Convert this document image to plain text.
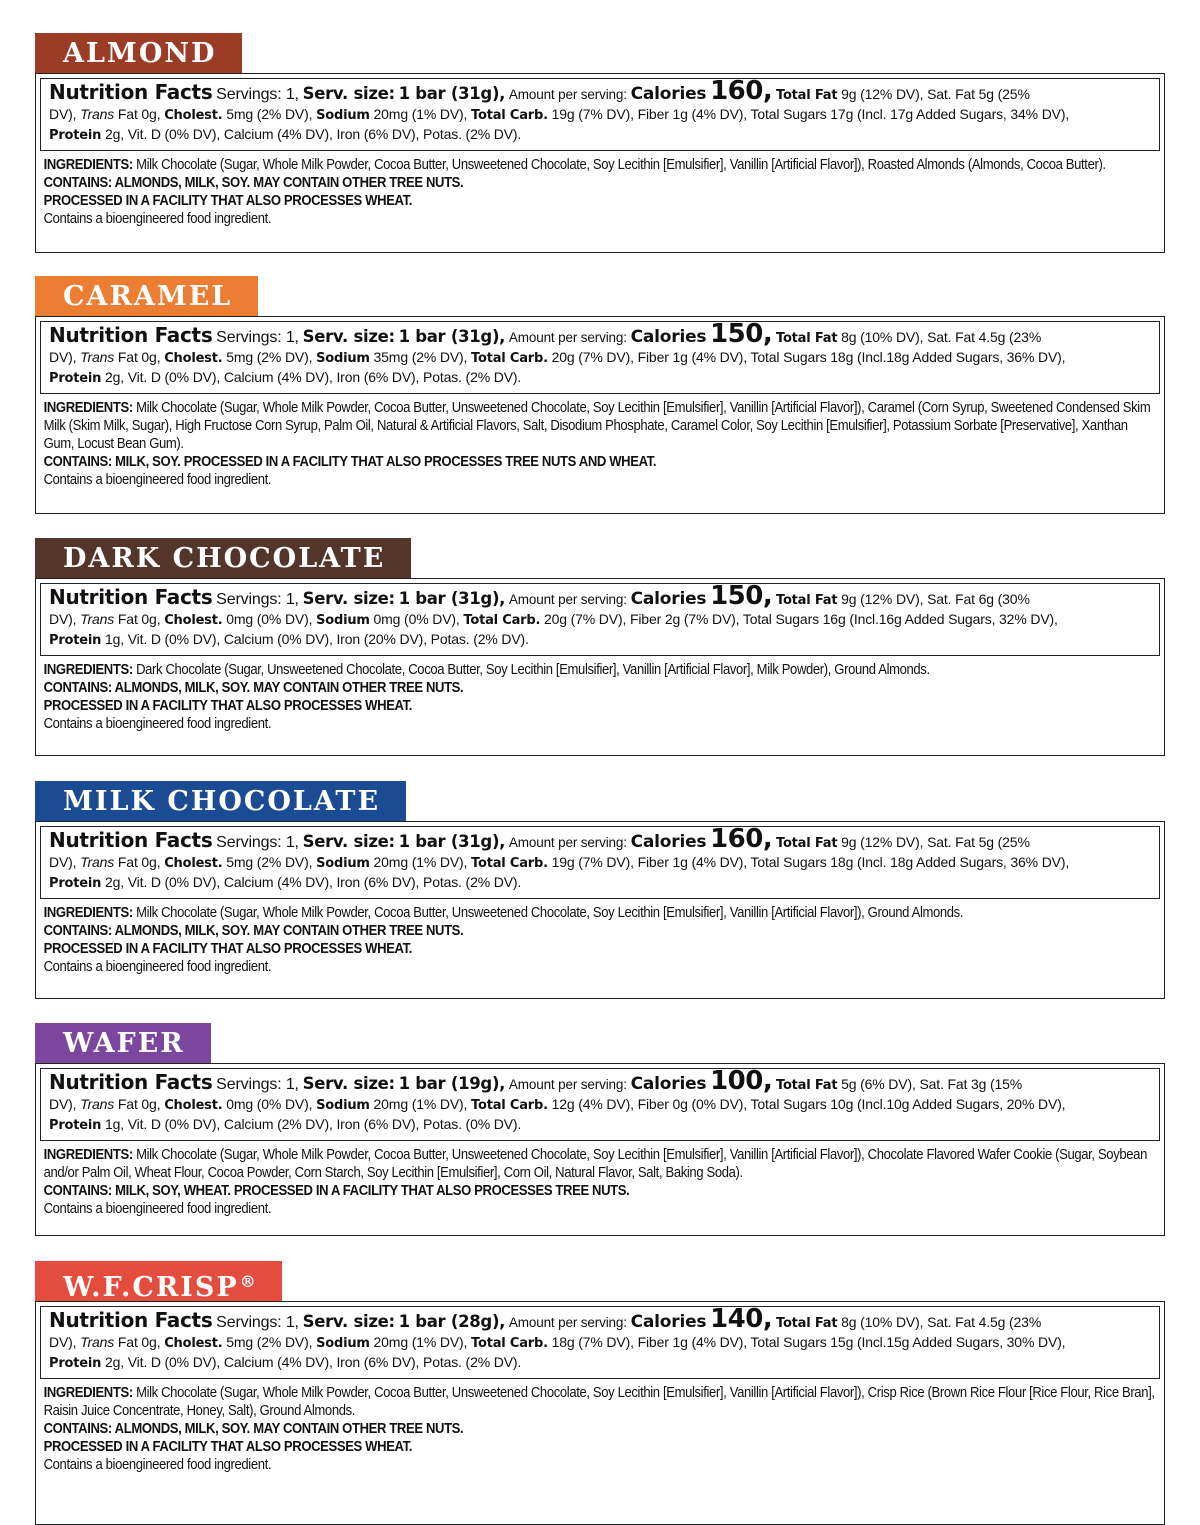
ALMOND
Nutrition Facts Servings: 1, Serv. size: 1 bar (31g), Amount per serving: Calories 160, Total Fat 9g (12% DV), Sat. Fat 5g (25%
DV), Trans Fat 0g, Cholest. 5mg (2% DV), Sodium 20mg (1% DV), Total Carb. 19g (7% DV), Fiber 1g (4% DV), Total Sugars 17g (Incl. 17g Added Sugars, 34% DV),
Protein 2g, Vit. D (0% DV), Calcium (4% DV), Iron (6% DV), Potas. (2% DV).
INGREDIENTS: Milk Chocolate (Sugar, Whole Milk Powder, Cocoa Butter, Unsweetened Chocolate, Soy Lecithin [Emulsifier], Vanillin [Artificial Flavor]), Roasted Almonds (Almonds, Cocoa Butter).
CONTAINS: ALMONDS, MILK, SOY. MAY CONTAIN OTHER TREE NUTS.
PROCESSED IN A FACILITY THAT ALSO PROCESSES WHEAT.
Contains a bioengineered food ingredient.
CARAMEL
Nutrition Facts Servings: 1, Serv. size: 1 bar (31g), Amount per serving: Calories 150, Total Fat 8g (10% DV), Sat. Fat 4.5g (23%
DV), Trans Fat 0g, Cholest. 5mg (2% DV), Sodium 35mg (2% DV), Total Carb. 20g (7% DV), Fiber 1g (4% DV), Total Sugars 18g (Incl.18g Added Sugars, 36% DV),
Protein 2g, Vit. D (0% DV), Calcium (4% DV), Iron (6% DV), Potas. (2% DV).
INGREDIENTS: Milk Chocolate (Sugar, Whole Milk Powder, Cocoa Butter, Unsweetened Chocolate, Soy Lecithin [Emulsifier], Vanillin [Artificial Flavor]), Caramel (Corn Syrup, Sweetened Condensed Skim Milk (Skim Milk, Sugar), High Fructose Corn Syrup, Palm Oil, Natural & Artificial Flavors, Salt, Disodium Phosphate, Caramel Color, Soy Lecithin [Emulsifier], Potassium Sorbate [Preservative], Xanthan Gum, Locust Bean Gum).
CONTAINS: MILK, SOY. PROCESSED IN A FACILITY THAT ALSO PROCESSES TREE NUTS AND WHEAT.
Contains a bioengineered food ingredient.
DARK CHOCOLATE
Nutrition Facts Servings: 1, Serv. size: 1 bar (31g), Amount per serving: Calories 150, Total Fat 9g (12% DV), Sat. Fat 6g (30%
DV), Trans Fat 0g, Cholest. 0mg (0% DV), Sodium 0mg (0% DV), Total Carb. 20g (7% DV), Fiber 2g (7% DV), Total Sugars 16g (Incl.16g Added Sugars, 32% DV),
Protein 1g, Vit. D (0% DV), Calcium (0% DV), Iron (20% DV), Potas. (2% DV).
INGREDIENTS: Dark Chocolate (Sugar, Unsweetened Chocolate, Cocoa Butter, Soy Lecithin [Emulsifier], Vanillin [Artificial Flavor], Milk Powder), Ground Almonds.
CONTAINS: ALMONDS, MILK, SOY. MAY CONTAIN OTHER TREE NUTS.
PROCESSED IN A FACILITY THAT ALSO PROCESSES WHEAT.
Contains a bioengineered food ingredient.
MILK CHOCOLATE
Nutrition Facts Servings: 1, Serv. size: 1 bar (31g), Amount per serving: Calories 160, Total Fat 9g (12% DV), Sat. Fat 5g (25%
DV), Trans Fat 0g, Cholest. 5mg (2% DV), Sodium 20mg (1% DV), Total Carb. 19g (7% DV), Fiber 1g (4% DV), Total Sugars 18g (Incl. 18g Added Sugars, 36% DV),
Protein 2g, Vit. D (0% DV), Calcium (4% DV), Iron (6% DV), Potas. (2% DV).
INGREDIENTS: Milk Chocolate (Sugar, Whole Milk Powder, Cocoa Butter, Unsweetened Chocolate, Soy Lecithin [Emulsifier], Vanillin [Artificial Flavor]), Ground Almonds.
CONTAINS: ALMONDS, MILK, SOY. MAY CONTAIN OTHER TREE NUTS.
PROCESSED IN A FACILITY THAT ALSO PROCESSES WHEAT.
Contains a bioengineered food ingredient.
WAFER
Nutrition Facts Servings: 1, Serv. size: 1 bar (19g), Amount per serving: Calories 100, Total Fat 5g (6% DV), Sat. Fat 3g (15%
DV), Trans Fat 0g, Cholest. 0mg (0% DV), Sodium 20mg (1% DV), Total Carb. 12g (4% DV), Fiber 0g (0% DV), Total Sugars 10g (Incl.10g Added Sugars, 20% DV),
Protein 1g, Vit. D (0% DV), Calcium (2% DV), Iron (6% DV), Potas. (0% DV).
INGREDIENTS: Milk Chocolate (Sugar, Whole Milk Powder, Cocoa Butter, Unsweetened Chocolate, Soy Lecithin [Emulsifier], Vanillin [Artificial Flavor]), Chocolate Flavored Wafer Cookie (Sugar, Soybean and/or Palm Oil, Wheat Flour, Cocoa Powder, Corn Starch, Soy Lecithin [Emulsifier], Corn Oil, Natural Flavor, Salt, Baking Soda).
CONTAINS: MILK, SOY, WHEAT. PROCESSED IN A FACILITY THAT ALSO PROCESSES TREE NUTS.
Contains a bioengineered food ingredient.
W.F.CRISP®
Nutrition Facts Servings: 1, Serv. size: 1 bar (28g), Amount per serving: Calories 140, Total Fat 8g (10% DV), Sat. Fat 4.5g (23%
DV), Trans Fat 0g, Cholest. 5mg (2% DV), Sodium 20mg (1% DV), Total Carb. 18g (7% DV), Fiber 1g (4% DV), Total Sugars 15g (Incl.15g Added Sugars, 30% DV),
Protein 2g, Vit. D (0% DV), Calcium (4% DV), Iron (6% DV), Potas. (2% DV).
INGREDIENTS: Milk Chocolate (Sugar, Whole Milk Powder, Cocoa Butter, Unsweetened Chocolate, Soy Lecithin [Emulsifier], Vanillin [Artificial Flavor]), Crisp Rice (Brown Rice Flour [Rice Flour, Rice Bran], Raisin Juice Concentrate, Honey, Salt), Ground Almonds.
CONTAINS: ALMONDS, MILK, SOY. MAY CONTAIN OTHER TREE NUTS.
PROCESSED IN A FACILITY THAT ALSO PROCESSES WHEAT.
Contains a bioengineered food ingredient.
